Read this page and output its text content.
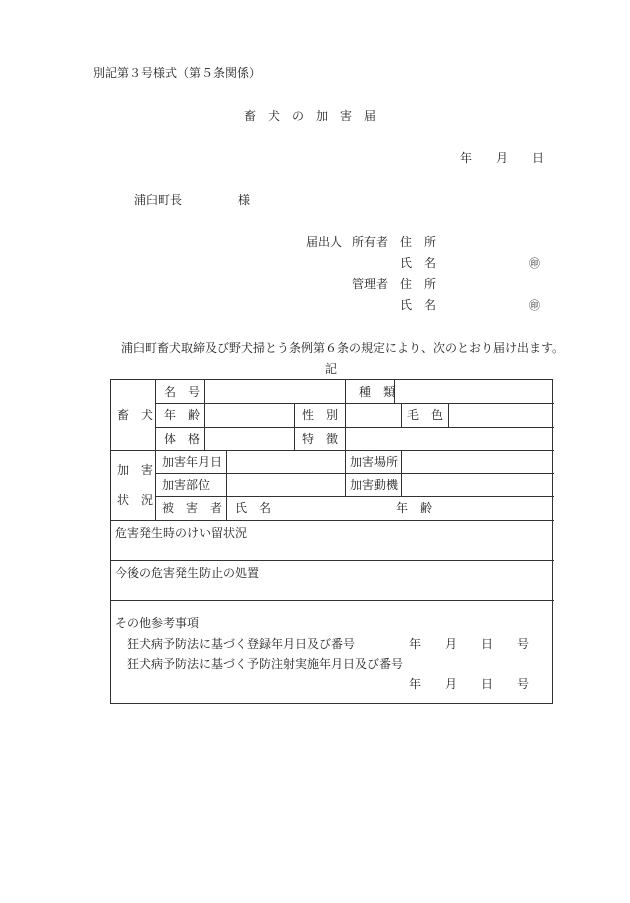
別記第３号様式（第５条関係）
畜　犬　の　加　害　届
年　　月　　日
浦臼町長	様
届出人 所有者 住　所
氏　名	㊞
管理者 住　所
氏　名	㊞
浦臼町畜犬取締及び野犬掃とう条例第６条の規定により、次のとおり届け出ます。
記
畜　犬
名　号	種　類
年　齢	性　別	毛　色
体　格	特　徴
加　害
状　況
加害年月日	加害場所
加害部位	加害動機
被　害　者 氏　名	年　齢
危害発生時のけい留状況
今後の危害発生防止の処置
その他参考事項
狂犬病予防法に基づく登録年月日及び番号	年　　月　　日　　号
狂犬病予防法に基づく予防注射実施年月日及び番号
年　　月　　日　　号
